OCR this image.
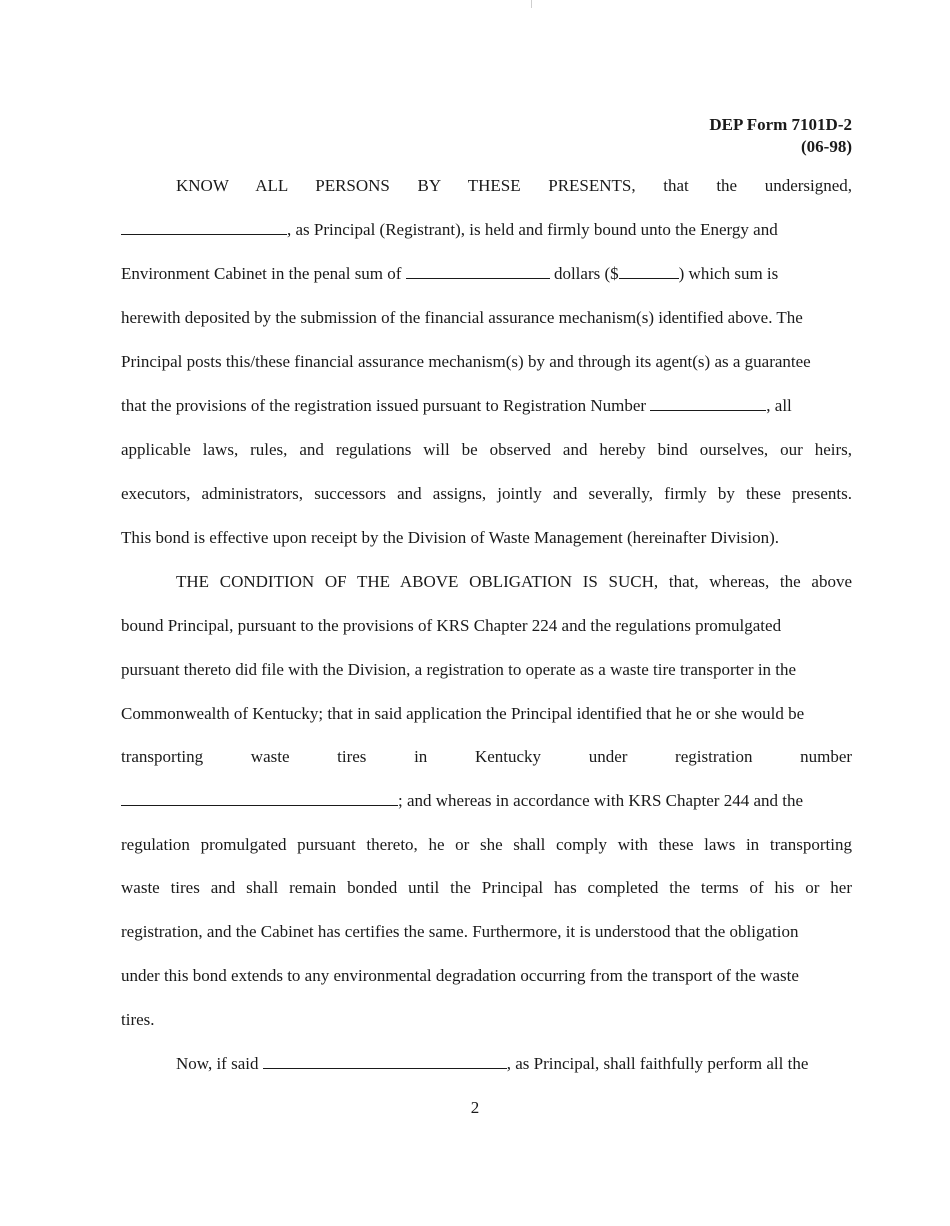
DEP Form 7101D-2
(06-98)
KNOW ALL PERSONS BY THESE PRESENTS, that the undersigned,
, as Principal (Registrant), is held and firmly bound unto the Energy and
Environment Cabinet in the penal sum of	dollars ($	) which sum is
herewith deposited by the submission of the financial assurance mechanism(s) identified above. The
Principal posts this/these financial assurance mechanism(s) by and through its agent(s) as a guarantee
that the provisions of the registration issued pursuant to Registration Number	, all
applicable laws, rules, and regulations will be observed and hereby bind ourselves, our heirs,
executors, administrators, successors and assigns, jointly and severally, firmly by these presents.
This bond is effective upon receipt by the Division of Waste Management (hereinafter Division).
THE CONDITION OF THE ABOVE OBLIGATION IS SUCH, that, whereas, the above
bound Principal, pursuant to the provisions of KRS Chapter 224 and the regulations promulgated
pursuant thereto did file with the Division, a registration to operate as a waste tire transporter in the
Commonwealth of Kentucky; that in said application the Principal identified that he or she would be
transporting	waste	tires	in	Kentucky	under	registration	number
; and whereas in accordance with KRS Chapter 244 and the
regulation promulgated pursuant thereto, he or she shall comply with these laws in transporting
waste tires and shall remain bonded until the Principal has completed the terms of his or her
registration, and the Cabinet has certifies the same. Furthermore, it is understood that the obligation
under this bond extends to any environmental degradation occurring from the transport of the waste
tires.
Now, if said	, as Principal, shall faithfully perform all the
2
